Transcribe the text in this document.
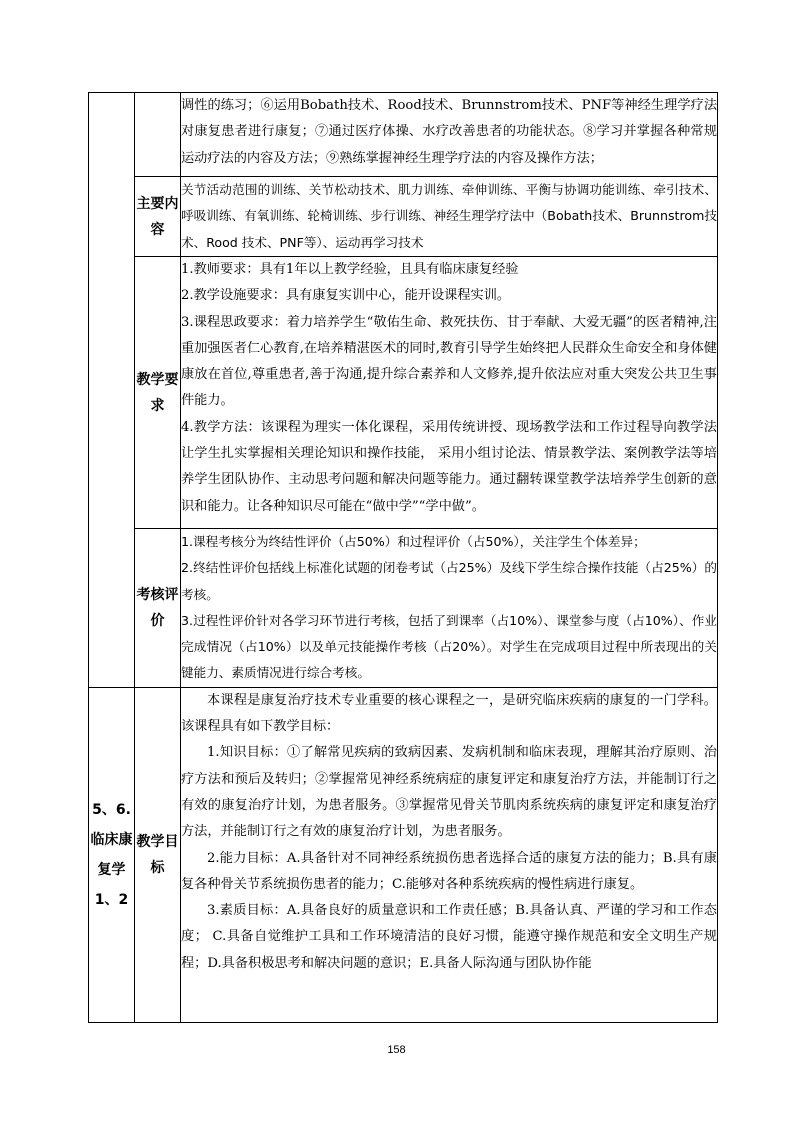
		调性的练习；⑥运用Bobath技术、Rood技术、Brunnstrom技术、PNF等神经生理学疗法对康复患者进行康复；⑦通过医疗体操、水疗改善患者的功能状态。⑧学习并掌握各种常规运动疗法的内容及方法；⑨熟练掌握神经生理学疗法的内容及操作方法；

	主要内容	关节活动范围的训练、关节松动技术、肌力训练、牵伸训练、平衡与协调功能训练、牵引技术、呼吸训练、有氧训练、轮椅训练、步行训练、神经生理学疗法中（Bobath技术、Brunnstrom技术、Rood 技术、PNF等）、运动再学习技术

	教学要求	1.教师要求：具有1年以上教学经验，且具有临床康复经验

2.教学设施要求：具有康复实训中心，能开设课程实训。

3.课程思政要求：着力培养学生“敬佑生命、救死扶伤、甘于奉献、大爱无疆”的医者精神,注重加强医者仁心教育,在培养精湛医术的同时,教育引导学生始终把人民群众生命安全和身体健康放在首位,尊重患者,善于沟通,提升综合素养和人文修养,提升依法应对重大突发公共卫生事件能力。

4.教学方法：该课程为理实一体化课程，采用传统讲授、现场教学法和工作过程导向教学法让学生扎实掌握相关理论知识和操作技能， 采用小组讨论法、情景教学法、案例教学法等培养学生团队协作、主动思考问题和解决问题等能力。通过翻转课堂教学法培养学生创新的意识和能力。让各种知识尽可能在“做中学”“学中做”。

	考核评价	1.课程考核分为终结性评价（占50%）和过程评价（占50%），关注学生个体差异；

2.终结性评价包括线上标准化试题的闭卷考试（占25%）及线下学生综合操作技能（占25%）的考核。

3.过程性评价针对各学习环节进行考核，包括了到课率（占10%）、课堂参与度（占10%）、作业完成情况（占10%）以及单元技能操作考核（占20%）。对学生在完成项目过程中所表现出的关键能力、素质情况进行综合考核。

5、6.临床康复学1、2	教学目标	本课程是康复治疗技术专业重要的核心课程之一，是研究临床疾病的康复的一门学科。该课程具有如下教学目标：

1.知识目标：①了解常见疾病的致病因素、发病机制和临床表现，理解其治疗原则、治疗方法和预后及转归；②掌握常见神经系统病症的康复评定和康复治疗方法，并能制订行之有效的康复治疗计划，为患者服务。③掌握常见骨关节肌肉系统疾病的康复评定和康复治疗方法，并能制订行之有效的康复治疗计划，为患者服务。

2.能力目标：A.具备针对不同神经系统损伤患者选择合适的康复方法的能力；B.具有康复各种骨关节系统损伤患者的能力；C.能够对各种系统疾病的慢性病进行康复。

3.素质目标：A.具备良好的质量意识和工作责任感；B.具备认真、严谨的学习和工作态度； C.具备自觉维护工具和工作环境清洁的良好习惯，能遵守操作规范和安全文明生产规程；D.具备积极思考和解决问题的意识；E.具备人际沟通与团队协作能

158
